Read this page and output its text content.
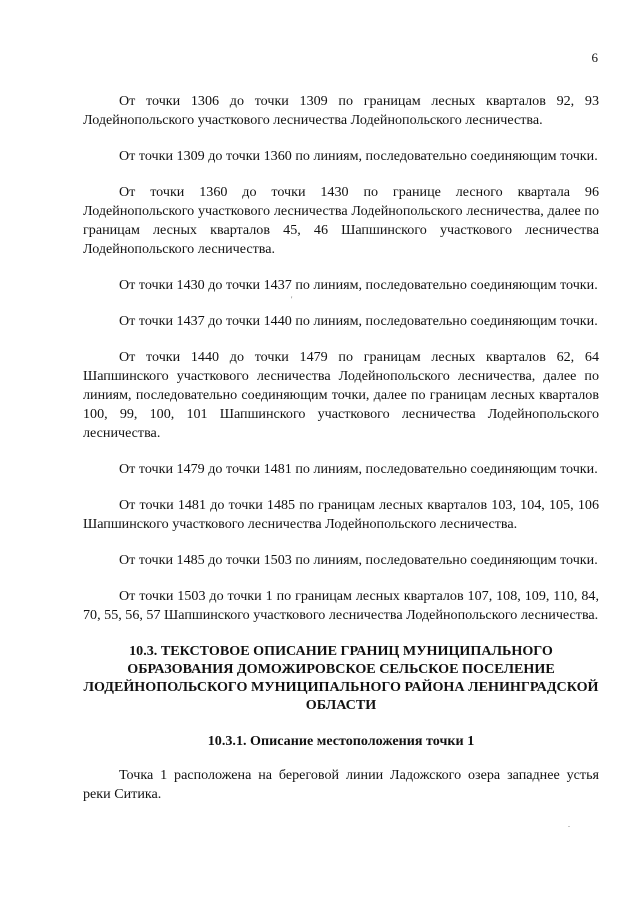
6

От точки 1306 до точки 1309 по границам лесных кварталов 92, 93 Лодейнопольского участкового лесничества Лодейнопольского лесничества.

От точки 1309 до точки 1360 по линиям, последовательно соединяющим точки.

От точки 1360 до точки 1430 по границе лесного квартала 96 Лодейнопольского участкового лесничества Лодейнопольского лесничества, далее по границам лесных кварталов 45, 46 Шапшинского участкового лесничества Лодейнопольского лесничества.

От точки 1430 до точки 1437 по линиям, последовательно соединяющим точки.

От точки 1437 до точки 1440 по линиям, последовательно соединяющим точки.

От точки 1440 до точки 1479 по границам лесных кварталов 62, 64 Шапшинского участкового лесничества Лодейнопольского лесничества, далее по линиям, последовательно соединяющим точки, далее по границам лесных кварталов 100, 99, 100, 101 Шапшинского участкового лесничества Лодейнопольского лесничества.

От точки 1479 до точки 1481 по линиям, последовательно соединяющим точки.

От точки 1481 до точки 1485 по границам лесных кварталов 103, 104, 105, 106 Шапшинского участкового лесничества Лодейнопольского лесничества.

От точки 1485 до точки 1503 по линиям, последовательно соединяющим точки.

От точки 1503 до точки 1 по границам лесных кварталов 107, 108, 109, 110, 84, 70, 55, 56, 57 Шапшинского участкового лесничества Лодейнопольского лесничества.

10.3. ТЕКСТОВОЕ ОПИСАНИЕ ГРАНИЦ МУНИЦИПАЛЬНОГО ОБРАЗОВАНИЯ ДОМОЖИРОВСКОЕ СЕЛЬСКОЕ ПОСЕЛЕНИЕ ЛОДЕЙНОПОЛЬСКОГО МУНИЦИПАЛЬНОГО РАЙОНА ЛЕНИНГРАДСКОЙ ОБЛАСТИ
10.3.1. Описание местоположения точки 1

Точка 1 расположена на береговой линии Ладожского озера западнее устья реки Ситика.

'
.
